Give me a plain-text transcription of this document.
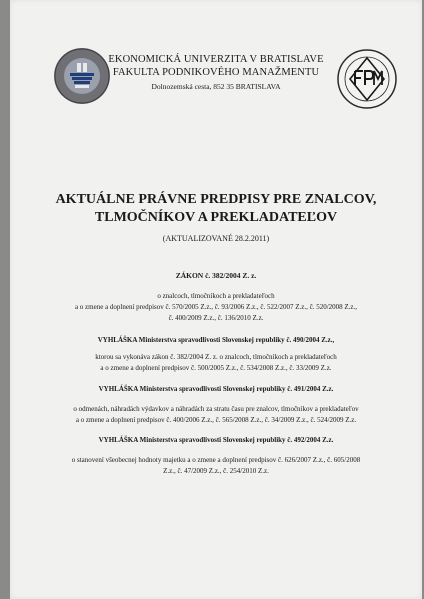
EKONOMICKÁ UNIVERZITA V BRATISLAVE
FAKULTA PODNIKOVÉHO MANAŽMENTU
Dolnozemská cesta, 852 35 BRATISLAVA
AKTUÁLNE PRÁVNE PREDPISY PRE ZNALCOV,
TLMOČNÍKOV A PREKLADATEĽOV
(AKTUALIZOVANÉ 28.2.2011)
ZÁKON č. 382/2004 Z. z.
o znalcoch, tlmočníkoch a prekladateľoch
a o zmene a doplnení predpisov č. 570/2005 Z.z., č. 93/2006 Z.z., č. 522/2007 Z.z., č. 520/2008 Z.z.,
č. 400/2009 Z.z., č. 136/2010 Z.z.
VYHLÁŠKA Ministerstva spravodlivosti Slovenskej republiky č. 490/2004 Z.z.,
ktorou sa vykonáva zákon č. 382/2004 Z. z. o znalcoch, tlmočníkoch a prekladateľoch
a o zmene a doplnení predpisov č. 500/2005 Z.z., č. 534/2008 Z.z., č. 33/2009 Z.z.
VYHLÁŠKA Ministerstva spravodlivosti Slovenskej republiky č. 491/2004 Z.z.
o odmenách, náhradách výdavkov a náhradách za stratu času pre znalcov, tlmočníkov a prekladateľov
a o zmene a doplnení predpisov č. 400/2006 Z.z., č. 565/2008 Z.z., č. 34/2009 Z.z., č. 524/2009 Z.z.
VYHLÁŠKA Ministerstva spravodlivosti Slovenskej republiky č. 492/2004 Z.z.
o stanovení všeobecnej hodnoty majetku a o zmene a doplnení predpisov č. 626/2007 Z.z., č. 605/2008
Z.z., č. 47/2009 Z.z., č. 254/2010 Z.z.
